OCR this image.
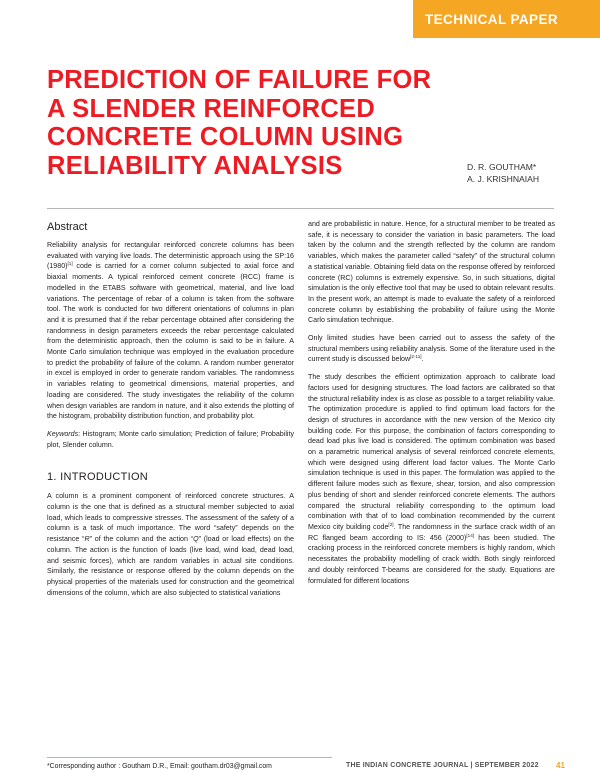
TECHNICAL PAPER
PREDICTION OF FAILURE FOR
A SLENDER REINFORCED
CONCRETE COLUMN USING
RELIABILITY ANALYSIS	D. R. GOUTHAM*
A. J. KRISHNAIAH
Abstract

Reliability analysis for rectangular reinforced concrete columns has been evaluated with varying live loads. The deterministic approach using the SP:16 (1980)[1] code is carried for a corner column subjected to axial force and biaxial moments. A typical reinforced cement concrete (RCC) frame is modelled in the ETABS software with geometrical, material, and live load variations. The percentage of rebar of a column is taken from the software tool. The work is conducted for two different orientations of columns in plan and it is presumed that if the rebar percentage obtained after considering the randomness in design parameters exceeds the rebar percentage calculated from the deterministic approach, then the column is said to be in failure. A Monte Carlo simulation technique was employed in the evaluation procedure to predict the probability of failure of the column. A random number generator in excel is employed in order to generate random variables. The randomness in variables relating to geometrical dimensions, material properties, and loading are considered. The study investigates the reliability of the column when design variables are random in nature, and it also extends the plotting of the histogram, probability distribution function, and probability plot.

Keywords: Histogram; Monte carlo simulation; Prediction of failure; Probability plot, Slender column.

1. INTRODUCTION

A column is a prominent component of reinforced concrete structures. A column is the one that is defined as a structural member subjected to axial load, which leads to compressive stresses. The assessment of the safety of a column is a task of much importance. The word “safety” depends on the resistance “R” of the column and the action “Q” (load or load effects) on the column. The action is the function of loads (live load, wind load, dead load, and seismic forces), which are random variables in actual site conditions. Similarly, the resistance or response offered by the column depends on the physical properties of the materials used for construction and the geometrical dimensions of the column, which are also subjected to statistical variations

and are probabilistic in nature. Hence, for a structural member to be treated as safe, it is necessary to consider the variation in basic parameters. The load taken by the column and the strength reflected by the column are random variables, which makes the parameter called “safety” of the structural column a statistical variable. Obtaining field data on the response offered by reinforced concrete (RC) columns is extremely expensive. So, in such situations, digital simulation is the only effective tool that may be used to obtain relevant results. In the present work, an attempt is made to evaluate the safety of a reinforced concrete column by establishing the probability of failure using the Monte Carlo simulation technique.

Only limited studies have been carried out to assess the safety of the structural members using reliability analysis. Some of the literature used in the current study is discussed below[2-11].

The study describes the efficient optimization approach to calibrate load factors used for designing structures. The load factors are calibrated so that the structural reliability index is as close as possible to a target reliability value. The optimization procedure is applied to find optimum load factors for the design of structures in accordance with the new version of the Mexico city building code. For this purpose, the combination of factors corresponding to dead load plus live load is considered. The optimum combination was based on a parametric numerical analysis of several reinforced concrete elements, which were designed using different load factor values. The Monte Carlo simulation technique is used in this paper. The formulation was applied to the different failure modes such as flexure, shear, torsion, and also compression plus bending of short and slender reinforced concrete elements. The authors compared the structural reliability corresponding to the optimum load combination with that of to load combination recommended by the current Mexico city building code[2]. The randomness in the surface crack width of an RC flanged beam according to IS: 456 (2000)[14] has been studied. The cracking process in the reinforced concrete members is highly random, which necessitates the probability modelling of crack width. Both singly reinforced and doubly reinforced T-beams are considered for the study. Equations are formulated for different locations

*Corresponding author : Goutham D.R., Email: goutham.dr03@gmail.com	THE INDIAN CONCRETE JOURNAL | SEPTEMBER 2022 41
